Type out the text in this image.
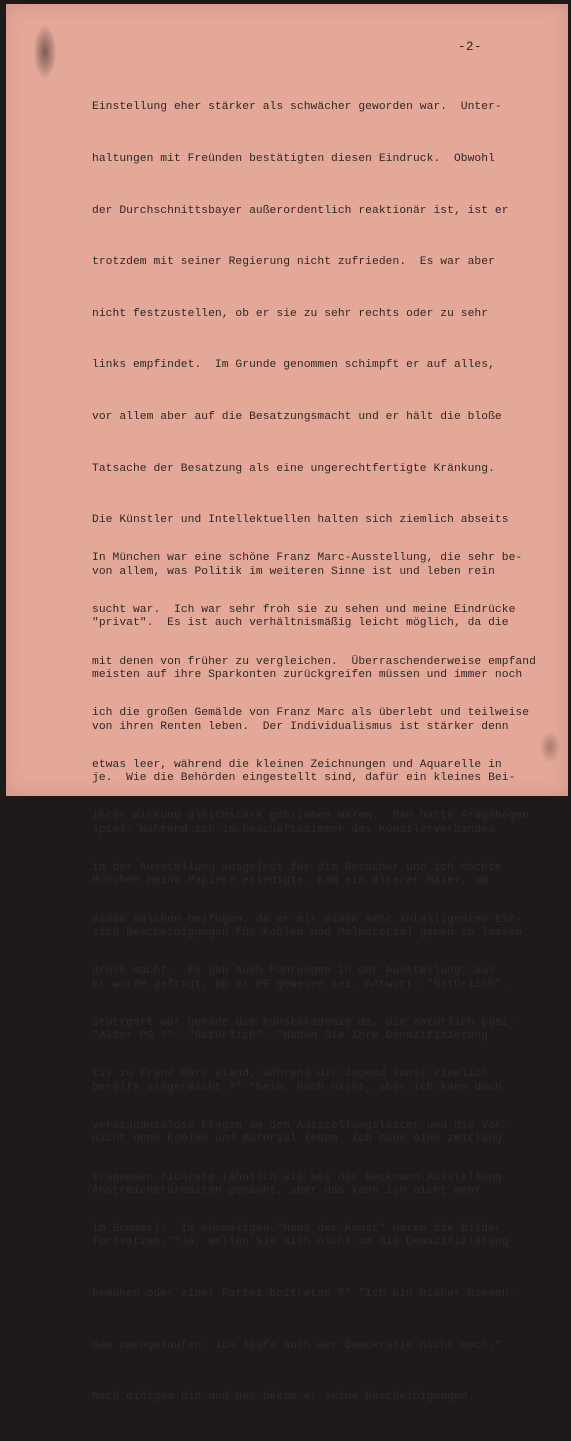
-2-

Einstellung eher stärker als schwächer geworden war.  Unter-

haltungen mit Freünden bestätigten diesen Eindruck.  Obwohl

der Durchschnittsbayer außerordentlich reaktionär ist, ist er

trotzdem mit seiner Regierung nicht zufrieden.  Es war aber

nicht festzustellen, ob er sie zu sehr rechts oder zu sehr

links empfindet.  Im Grunde genommen schimpft er auf alles,

vor allem aber auf die Besatzungsmacht und er hält die bloße

Tatsache der Besatzung als eine ungerechtfertigte Kränkung.

Die Künstler und Intellektuellen halten sich ziemlich abseits

von allem, was Politik im weiteren Sinne ist und leben rein

"privat".  Es ist auch verhältnismäßig leicht möglich, da die

meisten auf ihre Sparkonten zurückgreifen müssen und immer noch

von ihren Renten leben.  Der Individualismus ist stärker denn

je.  Wie die Behörden eingestellt sind, dafür ein kleines Bei-

spiel: Während ich im Geschäftszimmer des Künstlerverbandes

München meine Papiere erledigte, kam ein älterer Maler, um

sich Bescheinigungen für Kohlen und Malmaterial geben zu lassen.

Er wurde gefragt, ob er PG gewesen sei. Antwort: "Natürlich".

"Alter PG ?". "Natürlich". "Haben Sie Ihre Denazifizierung

bereits eingereicht ?" "Nein, noch nicht, aber ich kann doch

nicht ohne Kohlen und Material leben. Ich habe eine zeitlang

Anstreicherarbeiten gemacht, aber das kann ich nicht mehr

fortsetzen.""Ja, wollen Sie sich nicht um die Denazifizierung

bemühen oder einer Partei beitreten ?" "Ich bin bisher Nieman-

dem nachgelaufen: ich laufe auch der Demokratie nicht nach."

Nach einigem Hin und Her bekam er seine Bescheinigungen.

In München war eine schöne Franz Marc-Ausstellung, die sehr be-

sucht war.  Ich war sehr froh sie zu sehen und meine Eindrücke

mit denen von früher zu vergleichen.  Überraschenderweise empfand

ich die großen Gemälde von Franz Marc als überlebt und teilweise

etwas leer, während die kleinen Zeichnungen und Aquarelle in

ihrer Wirkung gleichstark geblieben waren.  Man hatte Fragebogen

in der Ausstellung ausgelegt für die Besucher und ich möchte

einen solchen beifügen, da er mir einen sehr intelligenten Ein-

druck macht.  Es gab auch Führungen in der Ausstellung; aus

Stuttgart war gerade die Kunstakademie da, die natürlich posi-

tiv zu Franz Marc stand, während die Jugend sonst ziemlich

verständnislose Fragen an den Ausstellungsleiter und die Vor-

tragenden richtete (ähnlich wie bei der Beckmann-Ausstellung

im Sommer).  Im ehemaligen "Haus der Kunst" waren die Bilder
